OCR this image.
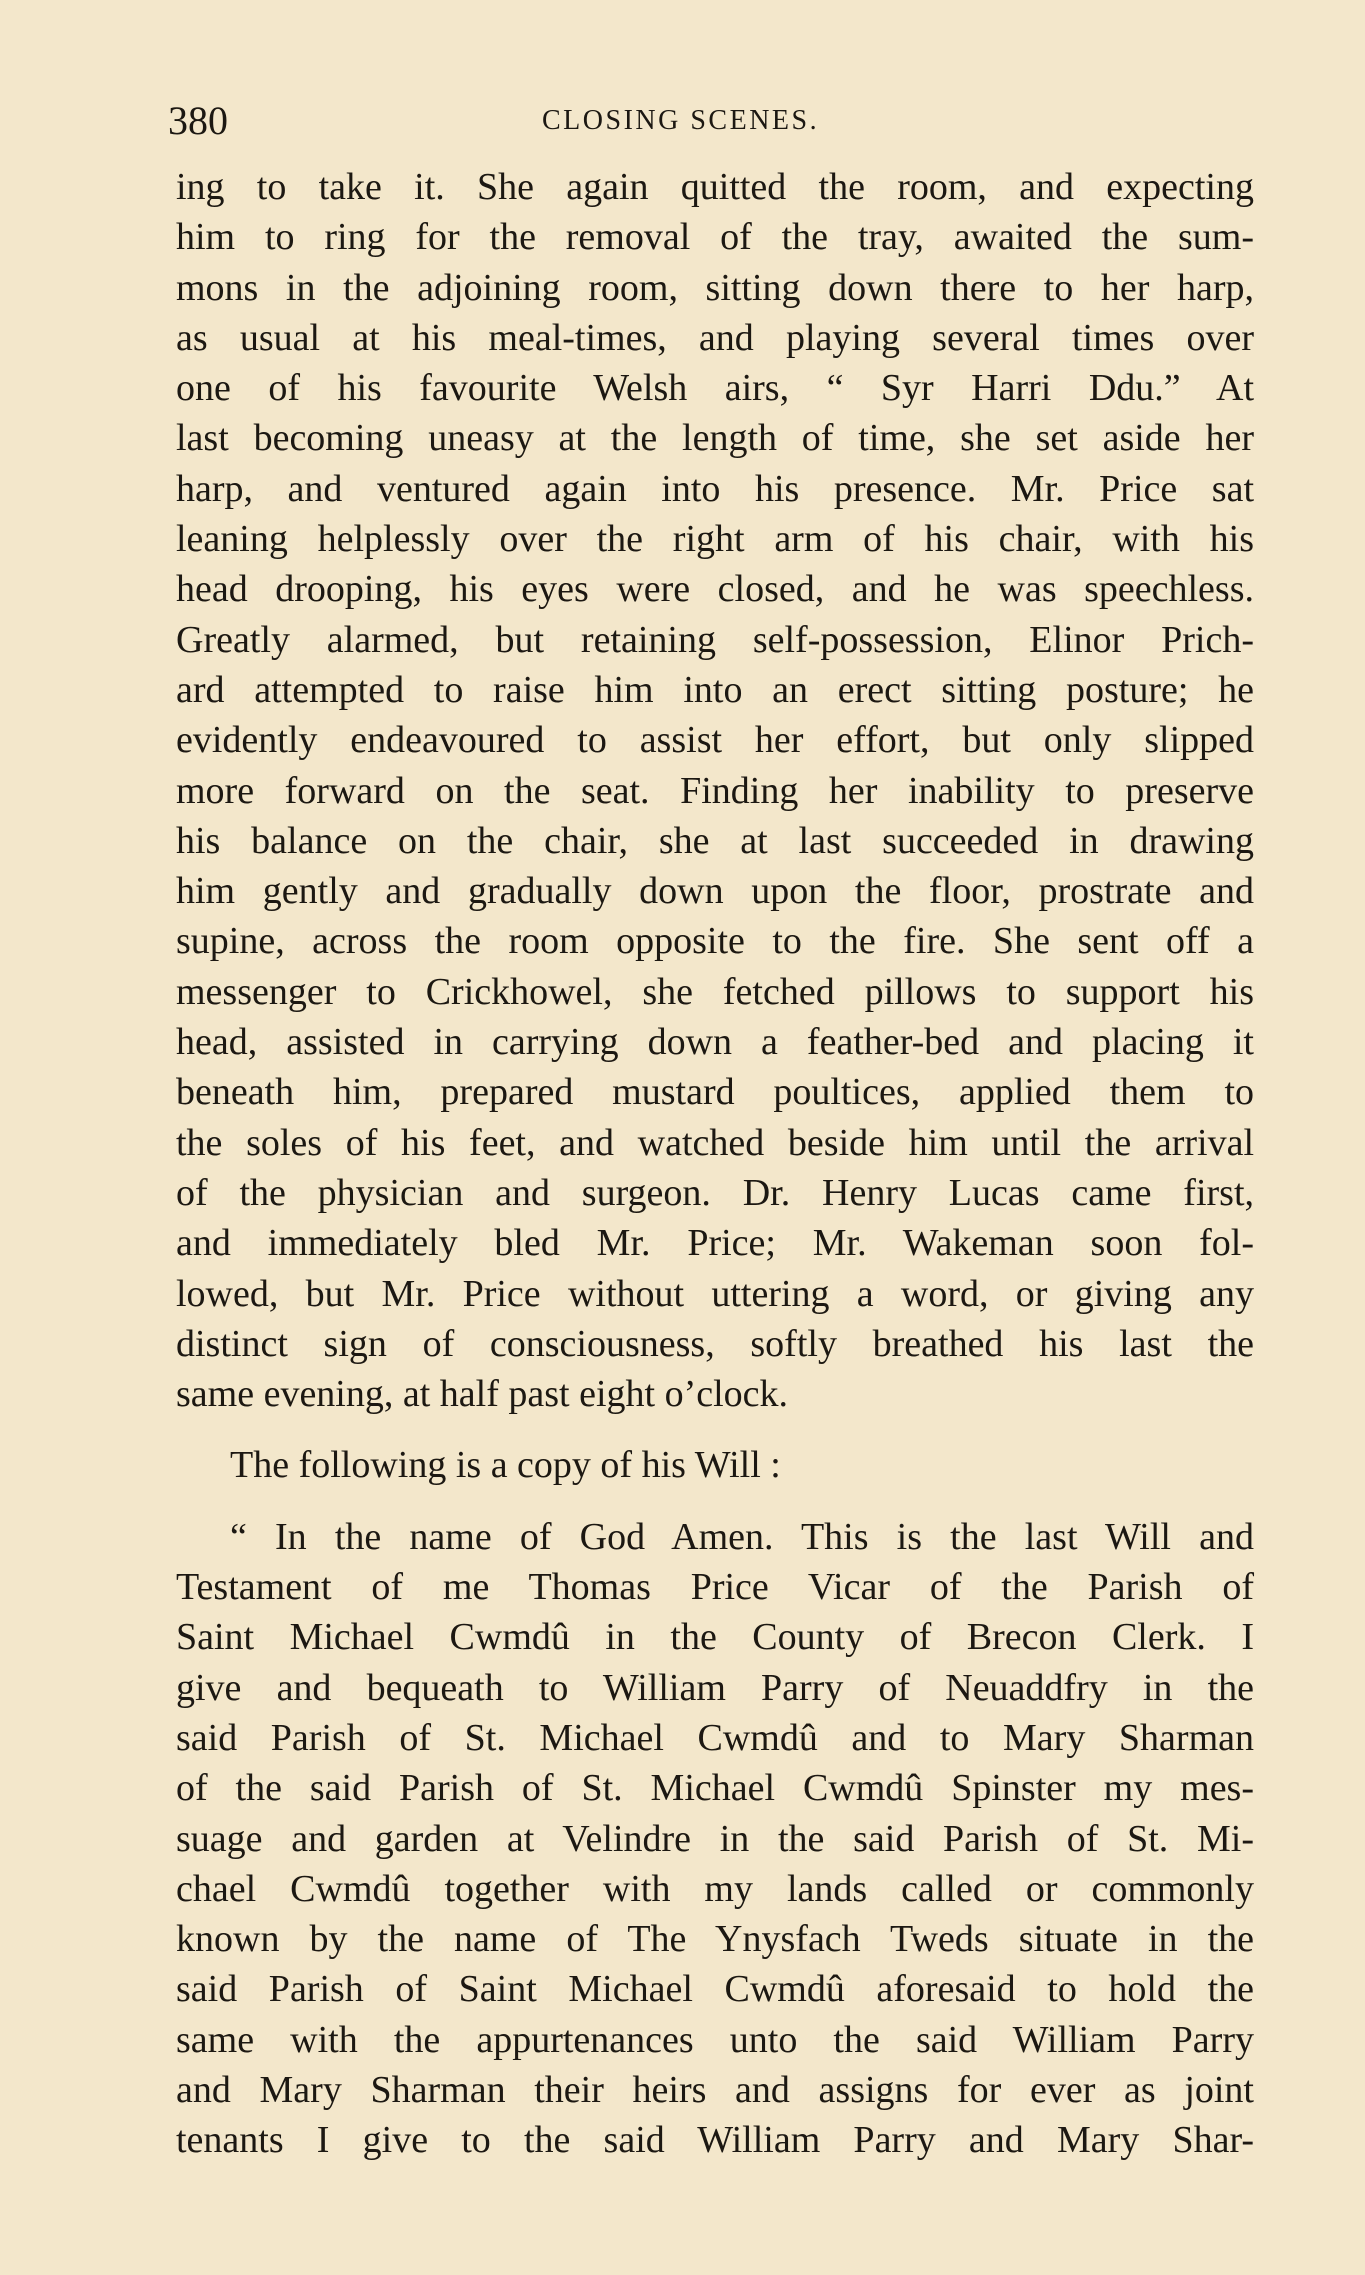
380	CLOSING SCENES.

ing to take it. She again quitted the room, and expecting
him to ring for the removal of the tray, awaited the sum-
mons in the adjoining room, sitting down there to her harp,
as usual at his meal-times, and playing several times over
one of his favourite Welsh airs, “ Syr Harri Ddu.” At
last becoming uneasy at the length of time, she set aside her
harp, and ventured again into his presence. Mr. Price sat
leaning helplessly over the right arm of his chair, with his
head drooping, his eyes were closed, and he was speechless.
Greatly alarmed, but retaining self-possession, Elinor Prich-
ard attempted to raise him into an erect sitting posture; he
evidently endeavoured to assist her effort, but only slipped
more forward on the seat. Finding her inability to preserve
his balance on the chair, she at last succeeded in drawing
him gently and gradually down upon the floor, prostrate and
supine, across the room opposite to the fire. She sent off a
messenger to Crickhowel, she fetched pillows to support his
head, assisted in carrying down a feather-bed and placing it
beneath him, prepared mustard poultices, applied them to
the soles of his feet, and watched beside him until the arrival
of the physician and surgeon. Dr. Henry Lucas came first,
and immediately bled Mr. Price; Mr. Wakeman soon fol-
lowed, but Mr. Price without uttering a word, or giving any
distinct sign of consciousness, softly breathed his last the
same evening, at half past eight o’clock.

The following is a copy of his Will :

“ In the name of God Amen. This is the last Will and
Testament of me Thomas Price Vicar of the Parish of
Saint Michael Cwmdû in the County of Brecon Clerk. I
give and bequeath to William Parry of Neuaddfry in the
said Parish of St. Michael Cwmdû and to Mary Sharman
of the said Parish of St. Michael Cwmdû Spinster my mes-
suage and garden at Velindre in the said Parish of St. Mi-
chael Cwmdû together with my lands called or commonly
known by the name of The Ynysfach Tweds situate in the
said Parish of Saint Michael Cwmdû aforesaid to hold the
same with the appurtenances unto the said William Parry
and Mary Sharman their heirs and assigns for ever as joint
tenants I give to the said William Parry and Mary Shar-
